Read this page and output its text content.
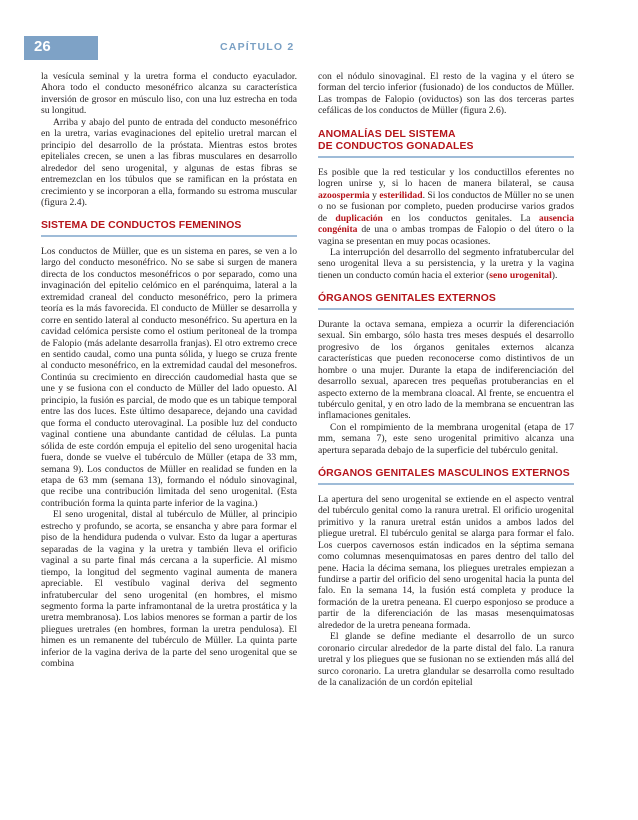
26	CAPÍTULO 2

la vesícula seminal y la uretra forma el conducto eyaculador. Ahora todo el conducto mesonéfrico alcanza su característica inversión de grosor en músculo liso, con una luz estrecha en toda su longitud.

Arriba y abajo del punto de entrada del conducto mesonéfrico en la uretra, varias evaginaciones del epitelio uretral marcan el principio del desarrollo de la próstata. Mientras estos brotes epiteliales crecen, se unen a las fibras musculares en desarrollo alrededor del seno urogenital, y algunas de estas fibras se entremezclan en los túbulos que se ramifican en la próstata en crecimiento y se incorporan a ella, formando su estroma muscular (figura 2.4).

SISTEMA DE CONDUCTOS FEMENINOS

Los conductos de Müller, que es un sistema en pares, se ven a lo largo del conducto mesonéfrico. No se sabe si surgen de manera directa de los conductos mesonéfricos o por separado, como una invaginación del epitelio celómico en el parénquima, lateral a la extremidad craneal del conducto mesonéfrico, pero la primera teoría es la más favorecida. El conducto de Müller se desarrolla y corre en sentido lateral al conducto mesonéfrico. Su apertura en la cavidad celómica persiste como el ostium peritoneal de la trompa de Falopio (más adelante desarrolla franjas). El otro extremo crece en sentido caudal, como una punta sólida, y luego se cruza frente al conducto mesonéfrico, en la extremidad caudal del mesonefros. Continúa su crecimiento en dirección caudomedial hasta que se une y se fusiona con el conducto de Müller del lado opuesto. Al principio, la fusión es parcial, de modo que es un tabique temporal entre las dos luces. Este último desaparece, dejando una cavidad que forma el conducto uterovaginal. La posible luz del conducto vaginal contiene una abundante cantidad de células. La punta sólida de este cordón empuja el epitelio del seno urogenital hacia fuera, donde se vuelve el tubérculo de Müller (etapa de 33 mm, semana 9). Los conductos de Müller en realidad se funden en la etapa de 63 mm (semana 13), formando el nódulo sinovaginal, que recibe una contribución limitada del seno urogenital. (Esta contribución forma la quinta parte inferior de la vagina.)

El seno urogenital, distal al tubérculo de Müller, al principio estrecho y profundo, se acorta, se ensancha y abre para formar el piso de la hendidura pudenda o vulvar. Esto da lugar a aperturas separadas de la vagina y la uretra y también lleva el orificio vaginal a su parte final más cercana a la superficie. Al mismo tiempo, la longitud del segmento vaginal aumenta de manera apreciable. El vestíbulo vaginal deriva del segmento infratubercular del seno urogenital (en hombres, el mismo segmento forma la parte inframontanal de la uretra prostática y la uretra membranosa). Los labios menores se forman a partir de los pliegues uretrales (en hombres, forman la uretra pendulosa). El himen es un remanente del tubérculo de Müller. La quinta parte inferior de la vagina deriva de la parte del seno urogenital que se combina

con el nódulo sinovaginal. El resto de la vagina y el útero se forman del tercio inferior (fusionado) de los conductos de Müller. Las trompas de Falopio (oviductos) son las dos terceras partes cefálicas de los conductos de Müller (figura 2.6).

ANOMALÍAS DEL SISTEMA
DE CONDUCTOS GONADALES

Es posible que la red testicular y los conductillos eferentes no logren unirse y, si lo hacen de manera bilateral, se causa azoospermia y esterilidad. Si los conductos de Müller no se unen o no se fusionan por completo, pueden producirse varios grados de duplicación en los conductos genitales. La ausencia congénita de una o ambas trompas de Falopio o del útero o la vagina se presentan en muy pocas ocasiones.

La interrupción del desarrollo del segmento infratubercular del seno urogenital lleva a su persistencia, y la uretra y la vagina tienen un conducto común hacia el exterior (seno urogenital).

ÓRGANOS GENITALES EXTERNOS

Durante la octava semana, empieza a ocurrir la diferenciación sexual. Sin embargo, sólo hasta tres meses después el desarrollo progresivo de los órganos genitales externos alcanza características que pueden reconocerse como distintivos de un hombre o una mujer. Durante la etapa de indiferenciación del desarrollo sexual, aparecen tres pequeñas protuberancias en el aspecto externo de la membrana cloacal. Al frente, se encuentra el tubérculo genital, y en otro lado de la membrana se encuentran las inflamaciones genitales.

Con el rompimiento de la membrana urogenital (etapa de 17 mm, semana 7), este seno urogenital primitivo alcanza una apertura separada debajo de la superficie del tubérculo genital.

ÓRGANOS GENITALES MASCULINOS EXTERNOS

La apertura del seno urogenital se extiende en el aspecto ventral del tubérculo genital como la ranura uretral. El orificio urogenital primitivo y la ranura uretral están unidos a ambos lados del pliegue uretral. El tubérculo genital se alarga para formar el falo. Los cuerpos cavernosos están indicados en la séptima semana como columnas mesenquimatosas en pares dentro del tallo del pene. Hacia la décima semana, los pliegues uretrales empiezan a fundirse a partir del orificio del seno urogenital hacia la punta del falo. En la semana 14, la fusión está completa y produce la formación de la uretra peneana. El cuerpo esponjoso se produce a partir de la diferenciación de las masas mesenquimatosas alrededor de la uretra peneana formada.

El glande se define mediante el desarrollo de un surco coronario circular alrededor de la parte distal del falo. La ranura uretral y los pliegues que se fusionan no se extienden más allá del surco coronario. La uretra glandular se desarrolla como resultado de la canalización de un cordón epitelial
